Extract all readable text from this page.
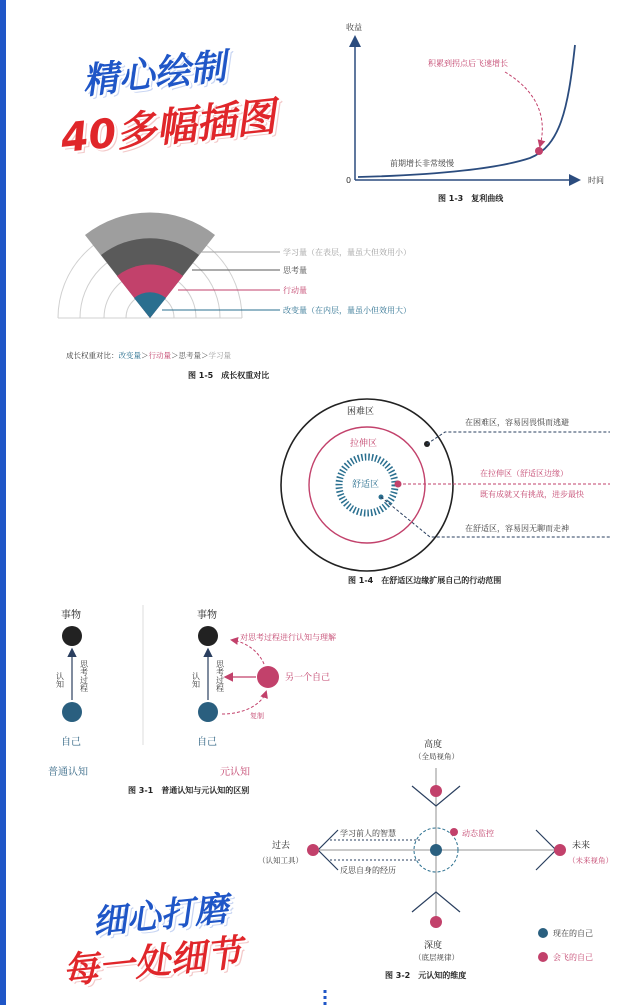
精心绘制
40多幅插图
细心打磨
每一处细节
收益
时间
0
积累到拐点后飞速增长
前期增长非常缓慢
学习量（在表层，量虽大但效用小）
思考量
行动量
改变量（在内层，量虽小但效用大）
成长权重对比：改变量＞行动量＞思考量＞学习量
困难区
拉伸区
舒适区
在困难区，容易因畏惧而逃避
在拉伸区（舒适区边缘）
既有成就又有挑战，进步最快
在舒适区，容易因无聊而走神
事物
自己
认知 思考过程
普通认知
事物
自己
认知 思考过程
对思考过程进行认知与理解
另一个自己
复制
元认知
高度
（全局视角）
深度
（底层规律）
过去
（认知工具）
未来
（未来视角）
动态监控
学习前人的智慧
反思自身的经历
现在的自己
会飞的自己
图 1-3　复利曲线
图 1-5　成长权重对比
图 1-4　在舒适区边缘扩展自己的行动范围
图 3-1　普通认知与元认知的区别
图 3-2　元认知的维度
